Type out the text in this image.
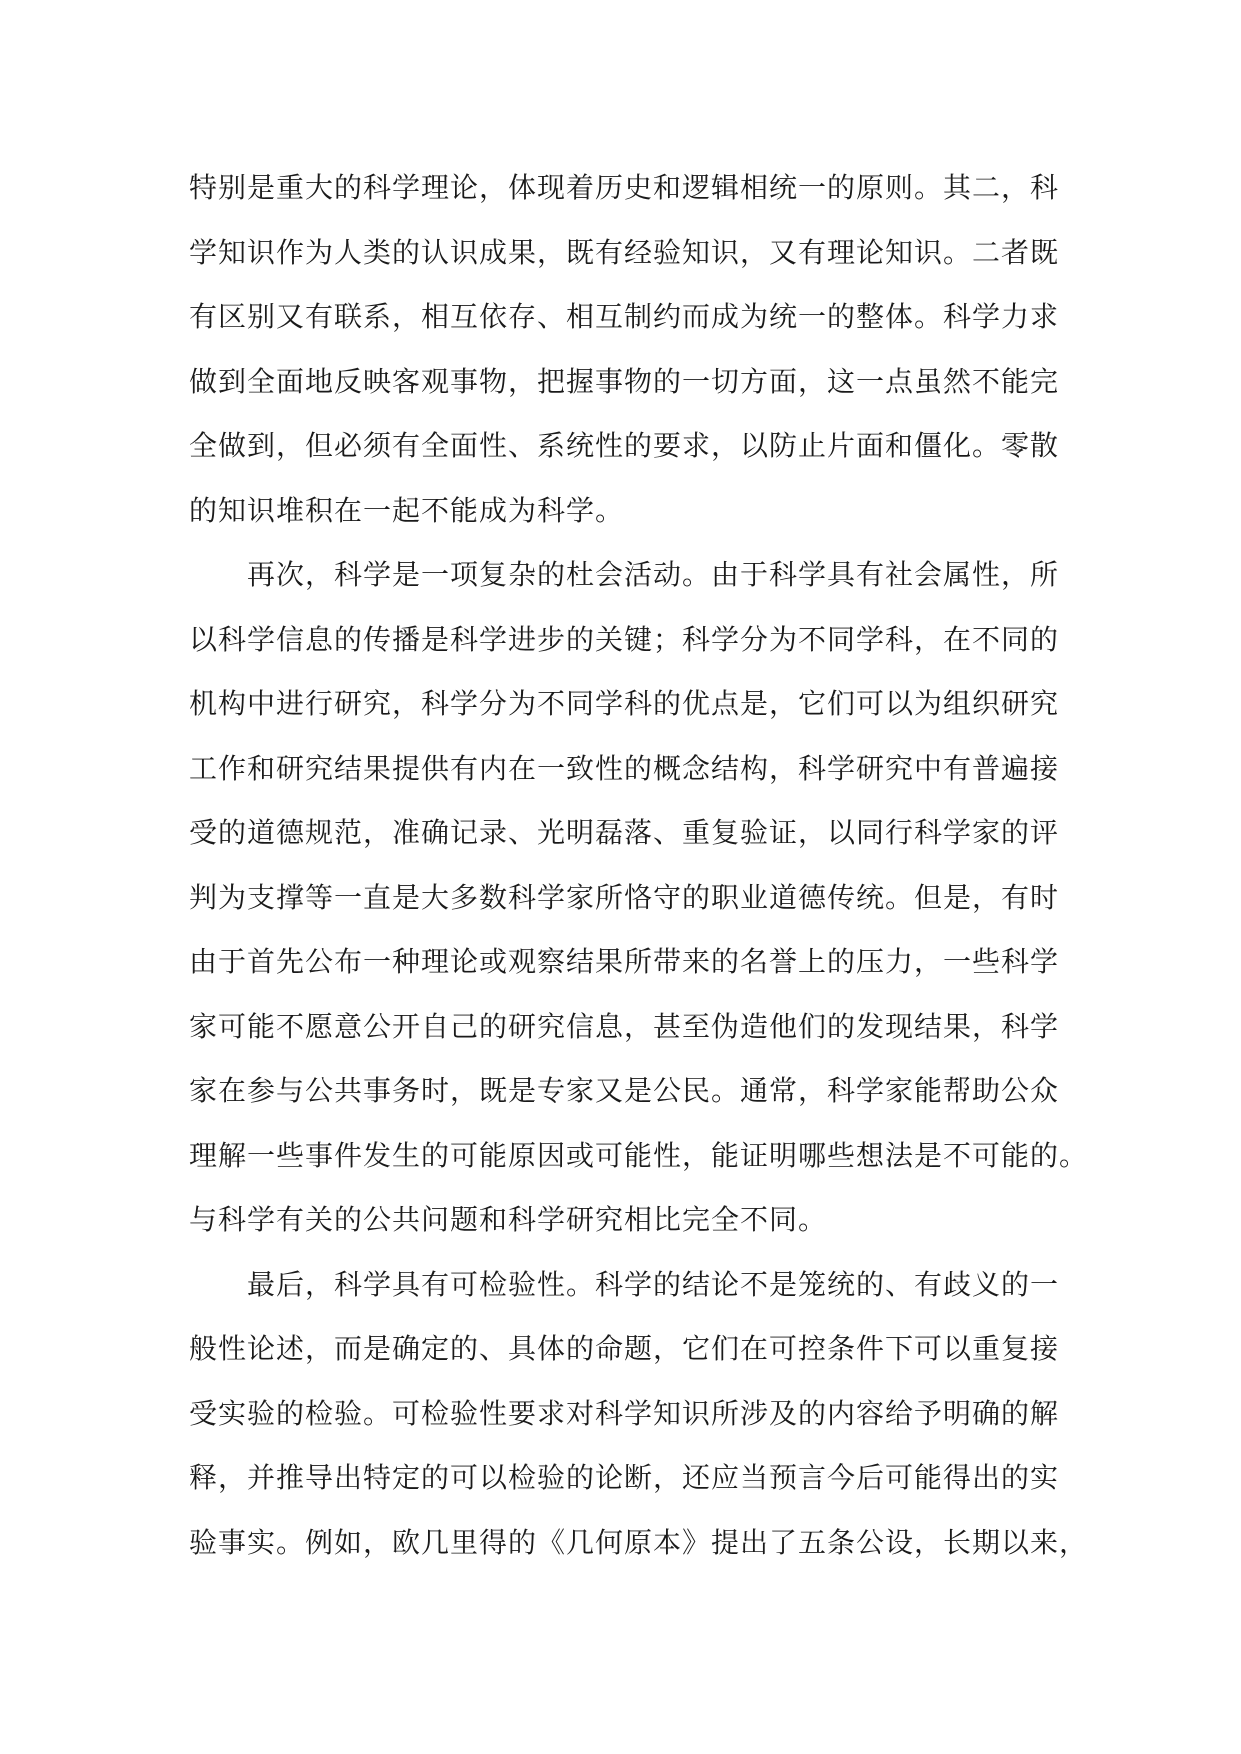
特别是重大的科学理论，体现着历史和逻辑相统一的原则。其二，科
学知识作为人类的认识成果，既有经验知识，又有理论知识。二者既
有区别又有联系，相互依存、相互制约而成为统一的整体。科学力求
做到全面地反映客观事物，把握事物的一切方面，这一点虽然不能完
全做到，但必须有全面性、系统性的要求，以防止片面和僵化。零散
的知识堆积在一起不能成为科学。
再次，科学是一项复杂的杜会活动。由于科学具有社会属性，所
以科学信息的传播是科学进步的关键；科学分为不同学科，在不同的
机构中进行研究，科学分为不同学科的优点是，它们可以为组织研究
工作和研究结果提供有内在一致性的概念结构，科学研究中有普遍接
受的道德规范，准确记录、光明磊落、重复验证，以同行科学家的评
判为支撑等一直是大多数科学家所恪守的职业道德传统。但是，有时
由于首先公布一种理论或观察结果所带来的名誉上的压力，一些科学
家可能不愿意公开自己的研究信息，甚至伪造他们的发现结果，科学
家在参与公共事务时，既是专家又是公民。通常，科学家能帮助公众
理解一些事件发生的可能原因或可能性，能证明哪些想法是不可能的。
与科学有关的公共问题和科学研究相比完全不同。
最后，科学具有可检验性。科学的结论不是笼统的、有歧义的一
般性论述，而是确定的、具体的命题，它们在可控条件下可以重复接
受实验的检验。可检验性要求对科学知识所涉及的内容给予明确的解
释，并推导出特定的可以检验的论断，还应当预言今后可能得出的实
验事实。例如，欧几里得的《几何原本》提出了五条公设，长期以来，
